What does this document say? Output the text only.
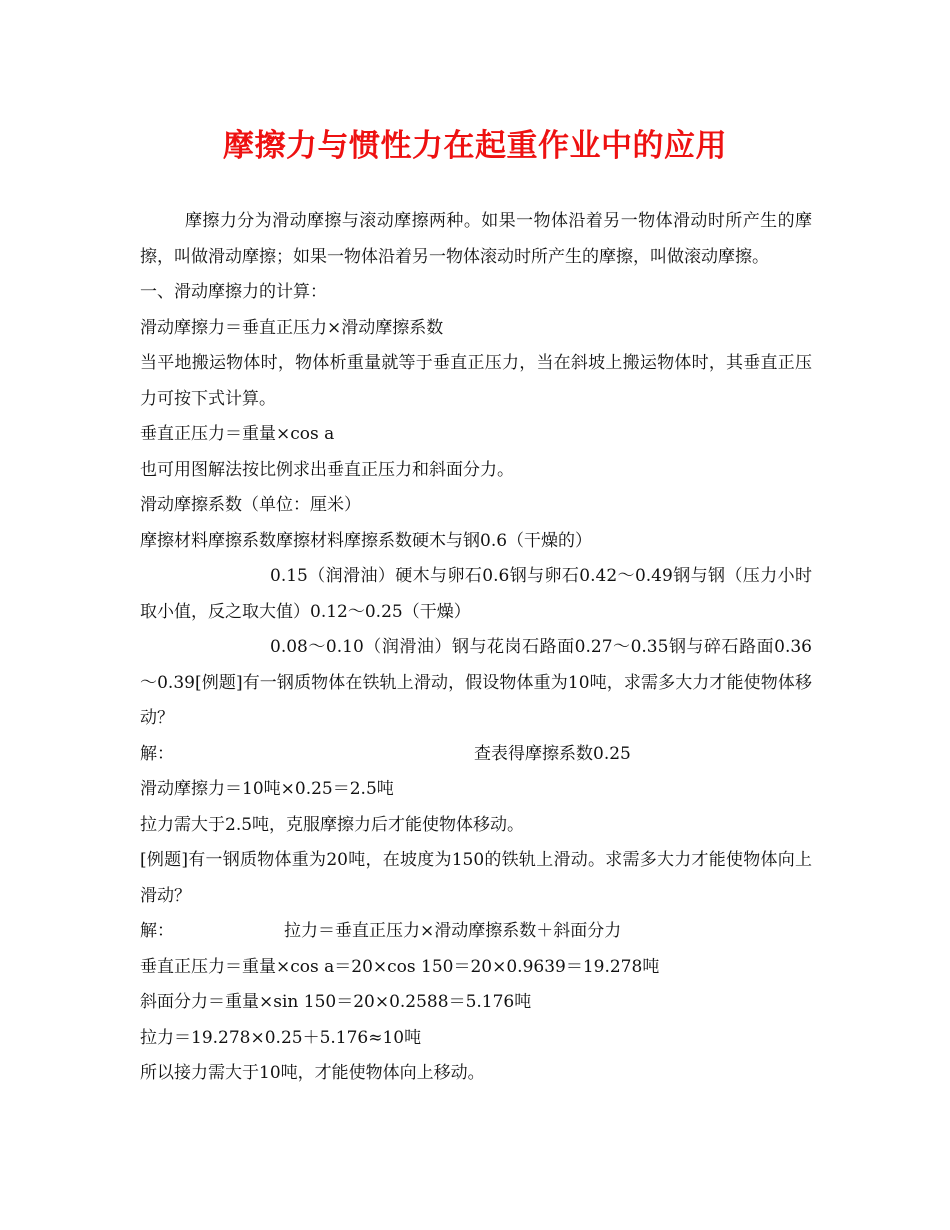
摩擦力与惯性力在起重作业中的应用

摩擦力分为滑动摩擦与滚动摩擦两种。如果一物体沿着另一物体滑动时所产生的摩擦，叫做滑动摩擦；如果一物体沿着另一物体滚动时所产生的摩擦，叫做滚动摩擦。

一、滑动摩擦力的计算：

滑动摩擦力＝垂直正压力×滑动摩擦系数

当平地搬运物体时，物体析重量就等于垂直正压力，当在斜坡上搬运物体时，其垂直正压力可按下式计算。

垂直正压力＝重量×cos a

也可用图解法按比例求出垂直正压力和斜面分力。

滑动摩擦系数（单位：厘米）

摩擦材料摩擦系数摩擦材料摩擦系数硬木与钢0.6（干燥的）

0.15（润滑油）硬木与卵石0.6钢与卵石0.42～0.49钢与钢（压力小时取小值，反之取大值）0.12～0.25（干燥）

0.08～0.10（润滑油）钢与花岗石路面0.27～0.35钢与碎石路面0.36～0.39[例题]有一钢质物体在铁轨上滑动，假设物体重为10吨，求需多大力才能使物体移动？

解：	查表得摩擦系数0.25

滑动摩擦力＝10吨×0.25＝2.5吨

拉力需大于2.5吨，克服摩擦力后才能使物体移动。

[例题]有一钢质物体重为20吨，在坡度为150的铁轨上滑动。求需多大力才能使物体向上滑动？

解：	拉力＝垂直正压力×滑动摩擦系数＋斜面分力

垂直正压力＝重量×cos a＝20×cos 150＝20×0.9639＝19.278吨

斜面分力＝重量×sin 150＝20×0.2588＝5.176吨

拉力＝19.278×0.25＋5.176≈10吨

所以接力需大于10吨，才能使物体向上移动。
